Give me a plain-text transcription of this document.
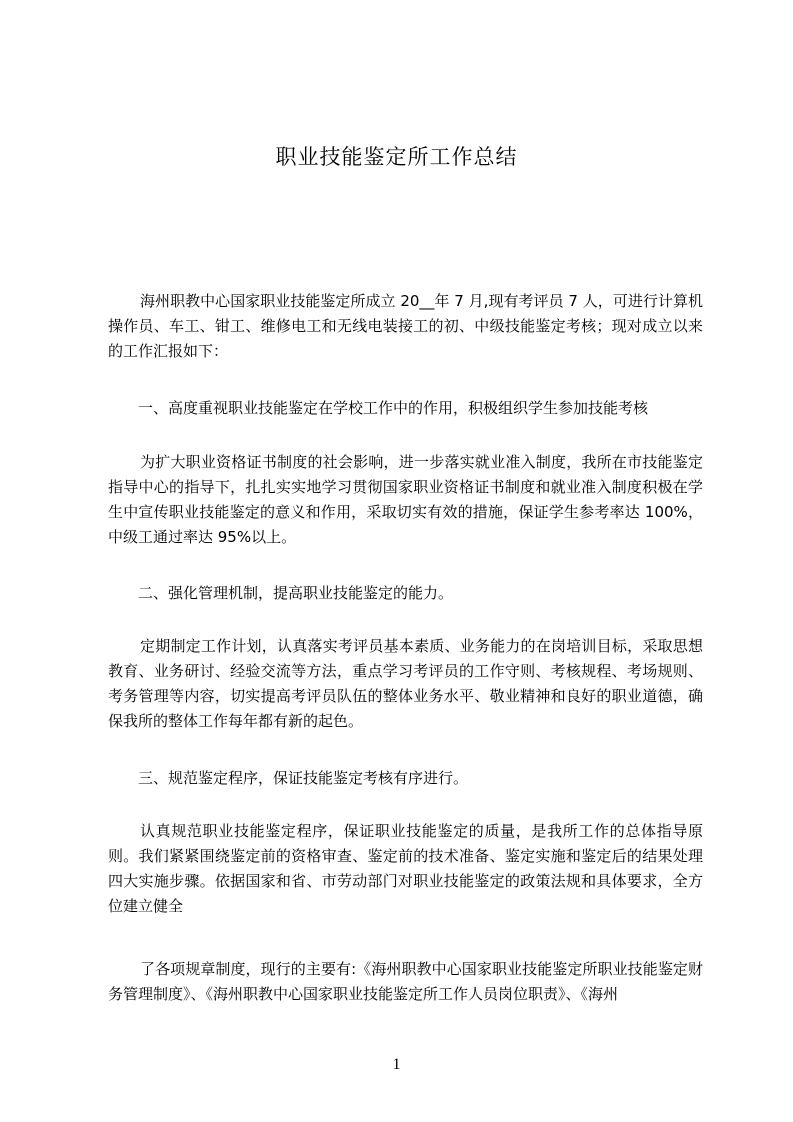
职业技能鉴定所工作总结

海州职教中心国家职业技能鉴定所成立 20__年 7 月,现有考评员 7 人，可进行计算机操作员、车工、钳工、维修电工和无线电装接工的初、中级技能鉴定考核；现对成立以来的工作汇报如下：

一、高度重视职业技能鉴定在学校工作中的作用，积极组织学生参加技能考核

为扩大职业资格证书制度的社会影响，进一步落实就业准入制度，我所在市技能鉴定指导中心的指导下，扎扎实实地学习贯彻国家职业资格证书制度和就业准入制度积极在学生中宣传职业技能鉴定的意义和作用，采取切实有效的措施，保证学生参考率达 100%，中级工通过率达 95%以上。

二、强化管理机制，提高职业技能鉴定的能力。

定期制定工作计划，认真落实考评员基本素质、业务能力的在岗培训目标，采取思想教育、业务研讨、经验交流等方法，重点学习考评员的工作守则、考核规程、考场规则、考务管理等内容，切实提高考评员队伍的整体业务水平、敬业精神和良好的职业道德，确保我所的整体工作每年都有新的起色。

三、规范鉴定程序，保证技能鉴定考核有序进行。

认真规范职业技能鉴定程序，保证职业技能鉴定的质量，是我所工作的总体指导原则。我们紧紧围绕鉴定前的资格审查、鉴定前的技术准备、鉴定实施和鉴定后的结果处理四大实施步骤。依据国家和省、市劳动部门对职业技能鉴定的政策法规和具体要求，全方位建立健全

了各项规章制度，现行的主要有:《海州职教中心国家职业技能鉴定所职业技能鉴定财务管理制度》、《海州职教中心国家职业技能鉴定所工作人员岗位职责》、《海州

1
